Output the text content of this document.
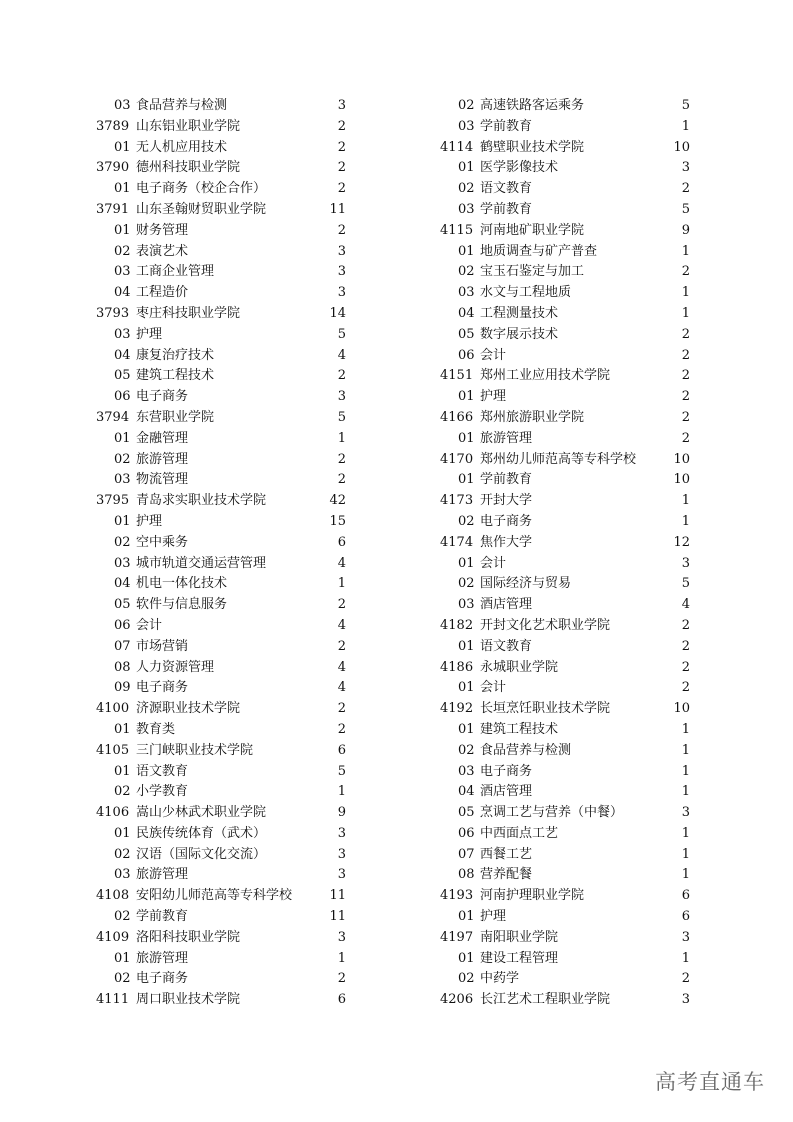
03 食品营养与检测	3
3789 山东铝业职业学院	2
01 无人机应用技术	2
3790 德州科技职业学院	2
01 电子商务（校企合作）	2
3791 山东圣翰财贸职业学院	11
01 财务管理	2
02 表演艺术	3
03 工商企业管理	3
04 工程造价	3
3793 枣庄科技职业学院	14
03 护理	5
04 康复治疗技术	4
05 建筑工程技术	2
06 电子商务	3
3794 东营职业学院	5
01 金融管理	1
02 旅游管理	2
03 物流管理	2
3795 青岛求实职业技术学院	42
01 护理	15
02 空中乘务	6
03 城市轨道交通运营管理	4
04 机电一体化技术	1
05 软件与信息服务	2
06 会计	4
07 市场营销	2
08 人力资源管理	4
09 电子商务	4
4100 济源职业技术学院	2
01 教育类	2
4105 三门峡职业技术学院	6
01 语文教育	5
02 小学教育	1
4106 嵩山少林武术职业学院	9
01 民族传统体育（武术）	3
02 汉语（国际文化交流）	3
03 旅游管理	3
4108 安阳幼儿师范高等专科学校	11
02 学前教育	11
4109 洛阳科技职业学院	3
01 旅游管理	1
02 电子商务	2
4111 周口职业技术学院	6
02 高速铁路客运乘务	5
03 学前教育	1
4114 鹤壁职业技术学院	10
01 医学影像技术	3
02 语文教育	2
03 学前教育	5
4115 河南地矿职业学院	9
01 地质调查与矿产普查	1
02 宝玉石鉴定与加工	2
03 水文与工程地质	1
04 工程测量技术	1
05 数字展示技术	2
06 会计	2
4151 郑州工业应用技术学院	2
01 护理	2
4166 郑州旅游职业学院	2
01 旅游管理	2
4170 郑州幼儿师范高等专科学校	10
01 学前教育	10
4173 开封大学	1
02 电子商务	1
4174 焦作大学	12
01 会计	3
02 国际经济与贸易	5
03 酒店管理	4
4182 开封文化艺术职业学院	2
01 语文教育	2
4186 永城职业学院	2
01 会计	2
4192 长垣烹饪职业技术学院	10
01 建筑工程技术	1
02 食品营养与检测	1
03 电子商务	1
04 酒店管理	1
05 烹调工艺与营养（中餐）	3
06 中西面点工艺	1
07 西餐工艺	1
08 营养配餐	1
4193 河南护理职业学院	6
01 护理	6
4197 南阳职业学院	3
01 建设工程管理	1
02 中药学	2
4206 长江艺术工程职业学院	3
高考直通车
